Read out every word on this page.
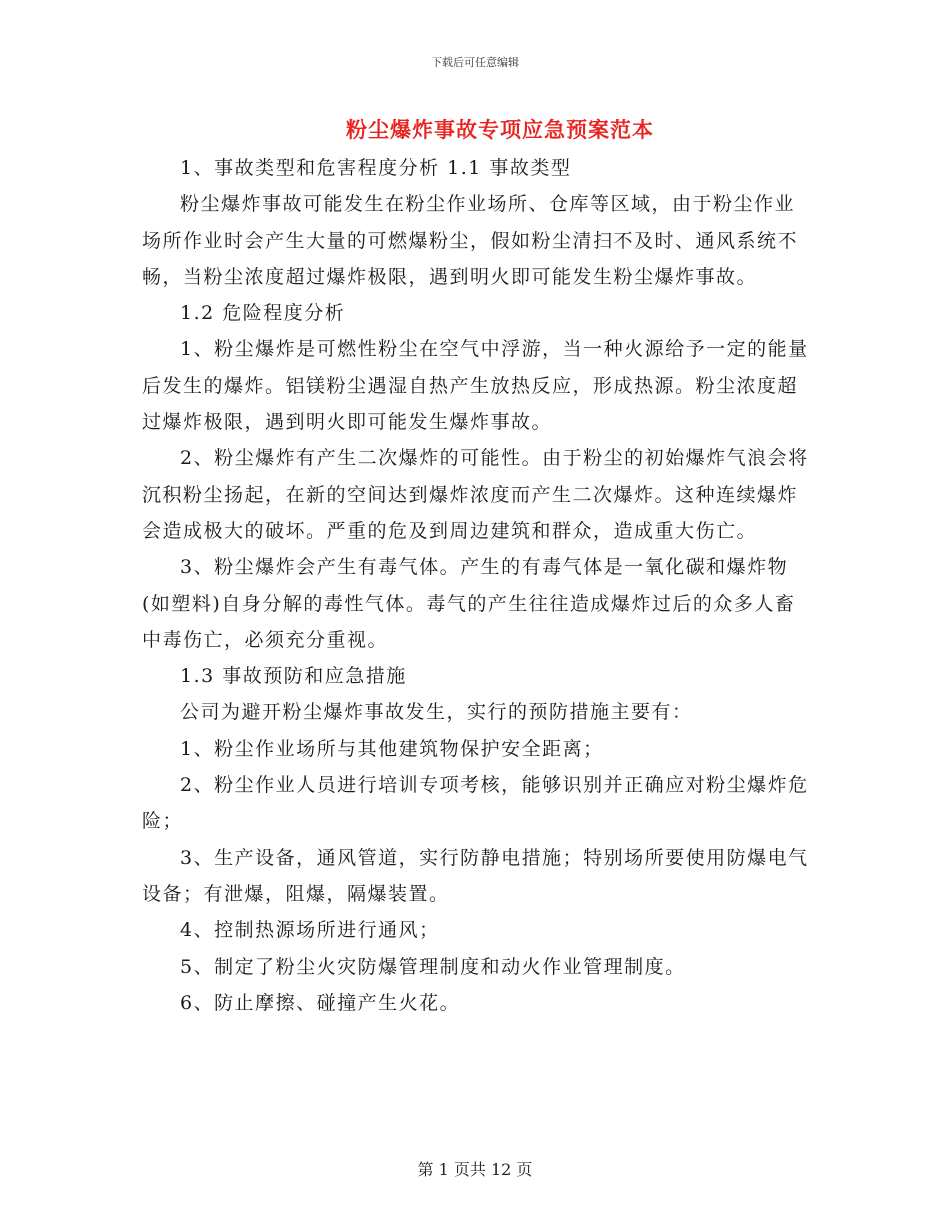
下载后可任意编辑
粉尘爆炸事故专项应急预案范本

1、事故类型和危害程度分析 1.1 事故类型

粉尘爆炸事故可能发生在粉尘作业场所、仓库等区域，由于粉尘作业场所作业时会产生大量的可燃爆粉尘，假如粉尘清扫不及时、通风系统不畅，当粉尘浓度超过爆炸极限，遇到明火即可能发生粉尘爆炸事故。

1.2 危险程度分析

1、粉尘爆炸是可燃性粉尘在空气中浮游，当一种火源给予一定的能量后发生的爆炸。铝镁粉尘遇湿自热产生放热反应，形成热源。粉尘浓度超过爆炸极限，遇到明火即可能发生爆炸事故。

2、粉尘爆炸有产生二次爆炸的可能性。由于粉尘的初始爆炸气浪会将沉积粉尘扬起，在新的空间达到爆炸浓度而产生二次爆炸。这种连续爆炸会造成极大的破坏。严重的危及到周边建筑和群众，造成重大伤亡。

3、粉尘爆炸会产生有毒气体。产生的有毒气体是一氧化碳和爆炸物(如塑料)自身分解的毒性气体。毒气的产生往往造成爆炸过后的众多人畜中毒伤亡，必须充分重视。

1.3 事故预防和应急措施

公司为避开粉尘爆炸事故发生，实行的预防措施主要有：

1、粉尘作业场所与其他建筑物保护安全距离；

2、粉尘作业人员进行培训专项考核，能够识别并正确应对粉尘爆炸危险；

3、生产设备，通风管道，实行防静电措施；特别场所要使用防爆电气设备；有泄爆，阻爆，隔爆装置。

4、控制热源场所进行通风；

5、制定了粉尘火灾防爆管理制度和动火作业管理制度。

6、防止摩擦、碰撞产生火花。

第 1 页共 12 页
